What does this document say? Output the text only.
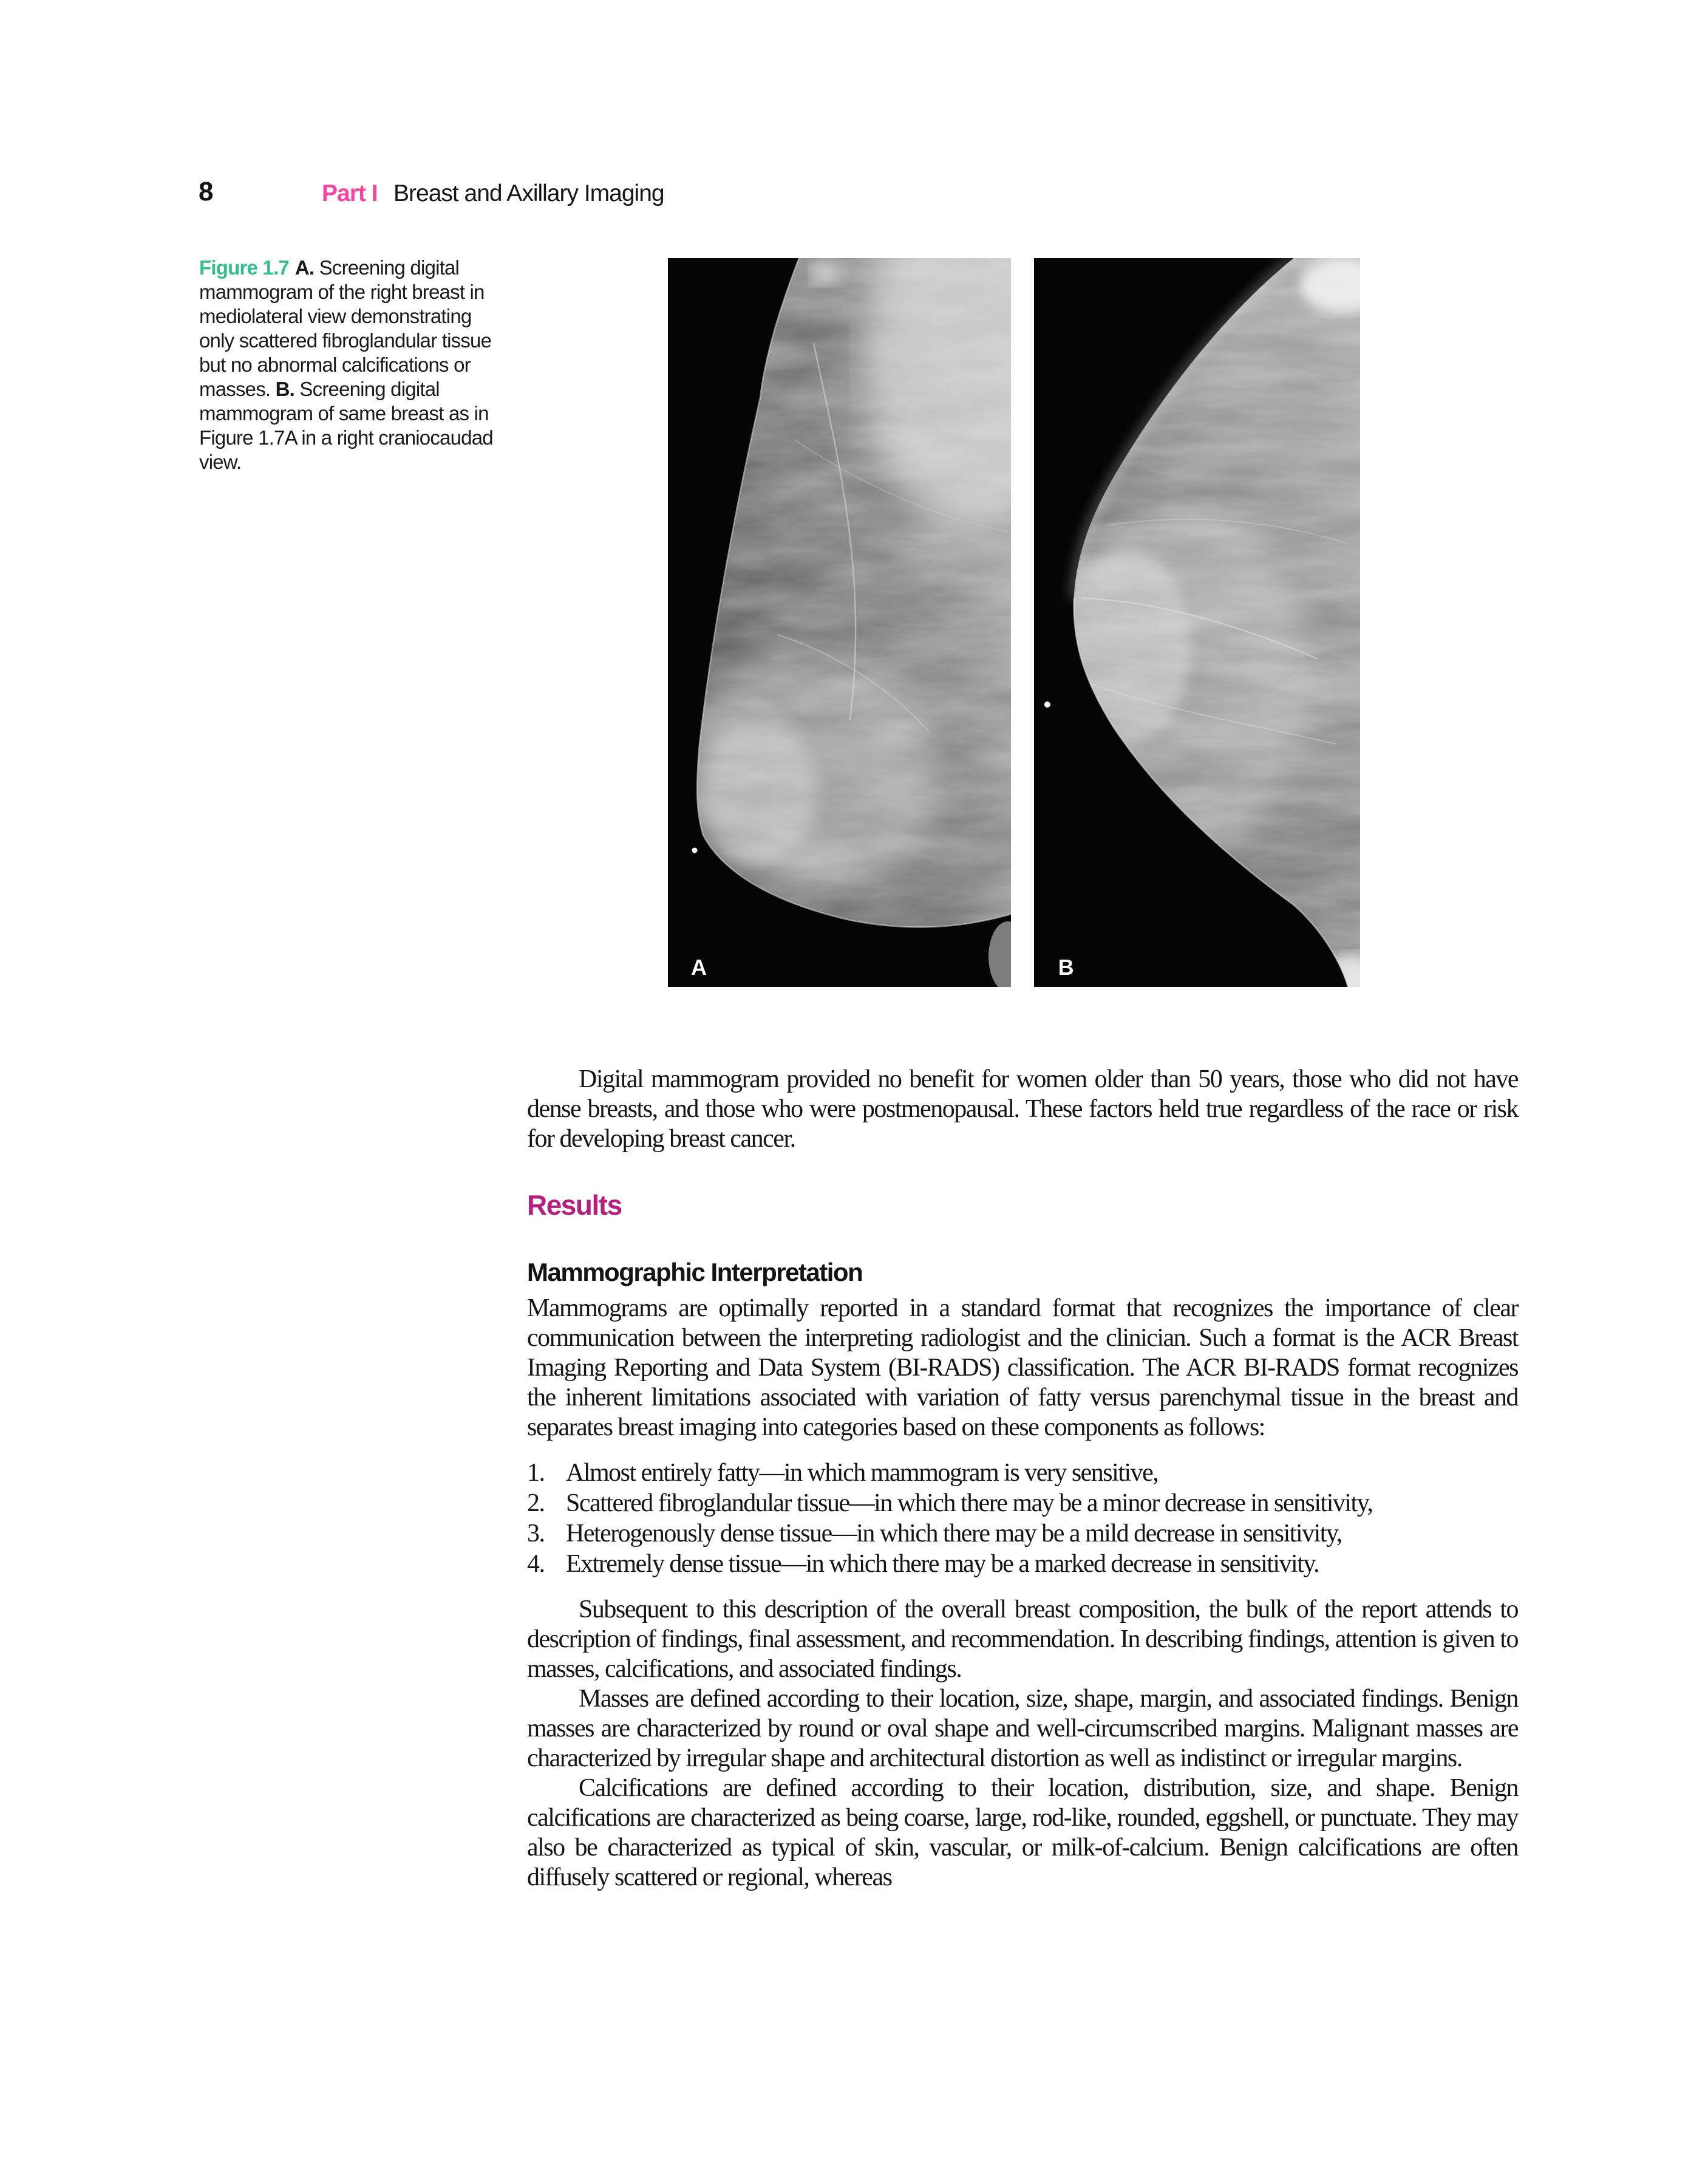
8	Part I Breast and Axillary Imaging
Figure 1.7 A. Screening digital mammogram of the right breast in mediolateral view demonstrating only scattered fibroglandular tissue but no abnormal calcifications or masses. B. Screening digital mammogram of same breast as in Figure 1.7A in a right craniocaudad view.
A	B

Digital mammogram provided no benefit for women older than 50 years, those who did not have dense breasts, and those who were postmenopausal. These factors held true regardless of the race or risk for developing breast cancer.

Results
Mammographic Interpretation

Mammograms are optimally reported in a standard format that recognizes the importance of clear communication between the interpreting radiologist and the clinician. Such a format is the ACR Breast Imaging Reporting and Data System (BI-RADS) classification. The ACR BI-RADS format recognizes the inherent limitations associated with variation of fatty versus parenchymal tissue in the breast and separates breast imaging into categories based on these components as follows:

1. Almost entirely fatty—in which mammogram is very sensitive,
2. Scattered fibroglandular tissue—in which there may be a minor decrease in sensitivity,
3. Heterogenously dense tissue—in which there may be a mild decrease in sensitivity,
4. Extremely dense tissue—in which there may be a marked decrease in sensitivity.

Subsequent to this description of the overall breast composition, the bulk of the report attends to description of findings, final assessment, and recommendation. In describing findings, attention is given to masses, calcifications, and associated findings.

Masses are defined according to their location, size, shape, margin, and associated findings. Benign masses are characterized by round or oval shape and well-circumscribed margins. Malignant masses are characterized by irregular shape and architectural distortion as well as indistinct or irregular margins.

Calcifications are defined according to their location, distribution, size, and shape. Benign calcifications are characterized as being coarse, large, rod-like, rounded, eggshell, or punctuate. They may also be characterized as typical of skin, vascular, or milk-of-calcium. Benign calcifications are often diffusely scattered or regional, whereas
